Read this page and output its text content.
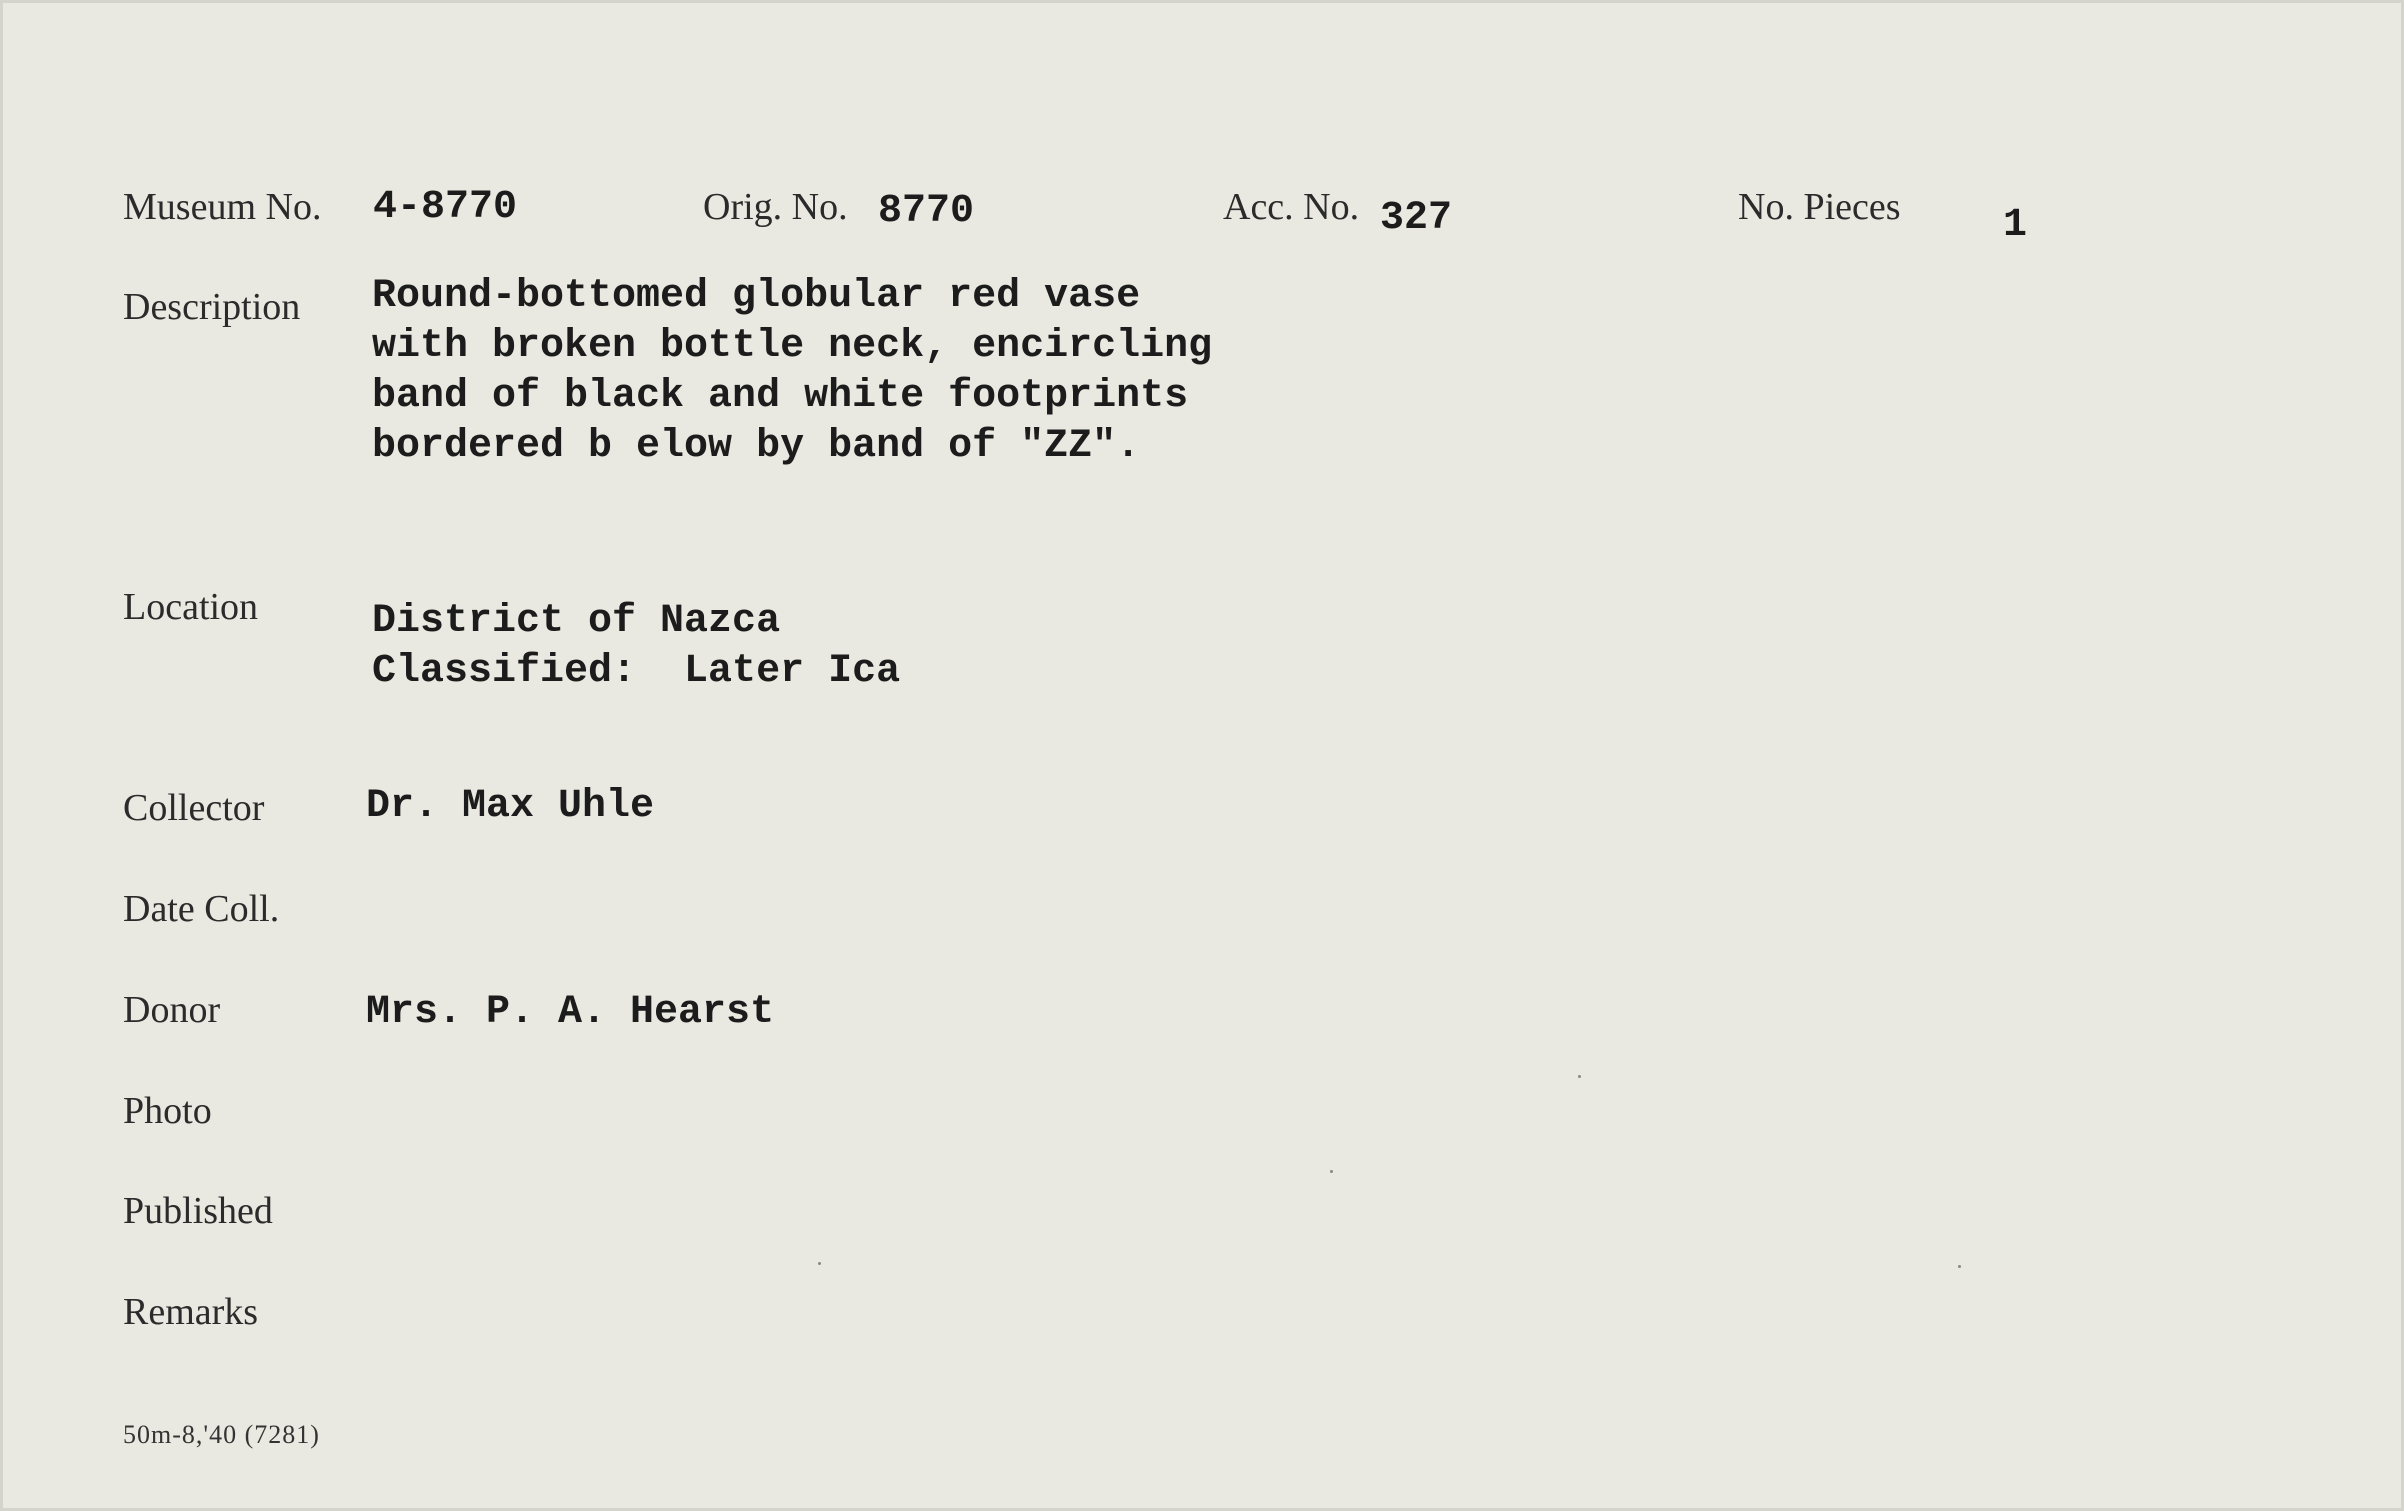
Museum No. 4-8770	Orig. No. 8770	Acc. No. 327	No. Pieces	1
Description Round-bottomed globular red vase
with broken bottle neck, encircling
band of black and white footprints
bordered b elow by band of "ZZ".
Location	District of Nazca
Classified:  Later Ica
Collector	Dr. Max Uhle
Date Coll.
Donor	Mrs. P. A. Hearst
Photo
Published
Remarks
50m-8,'40 (7281)
